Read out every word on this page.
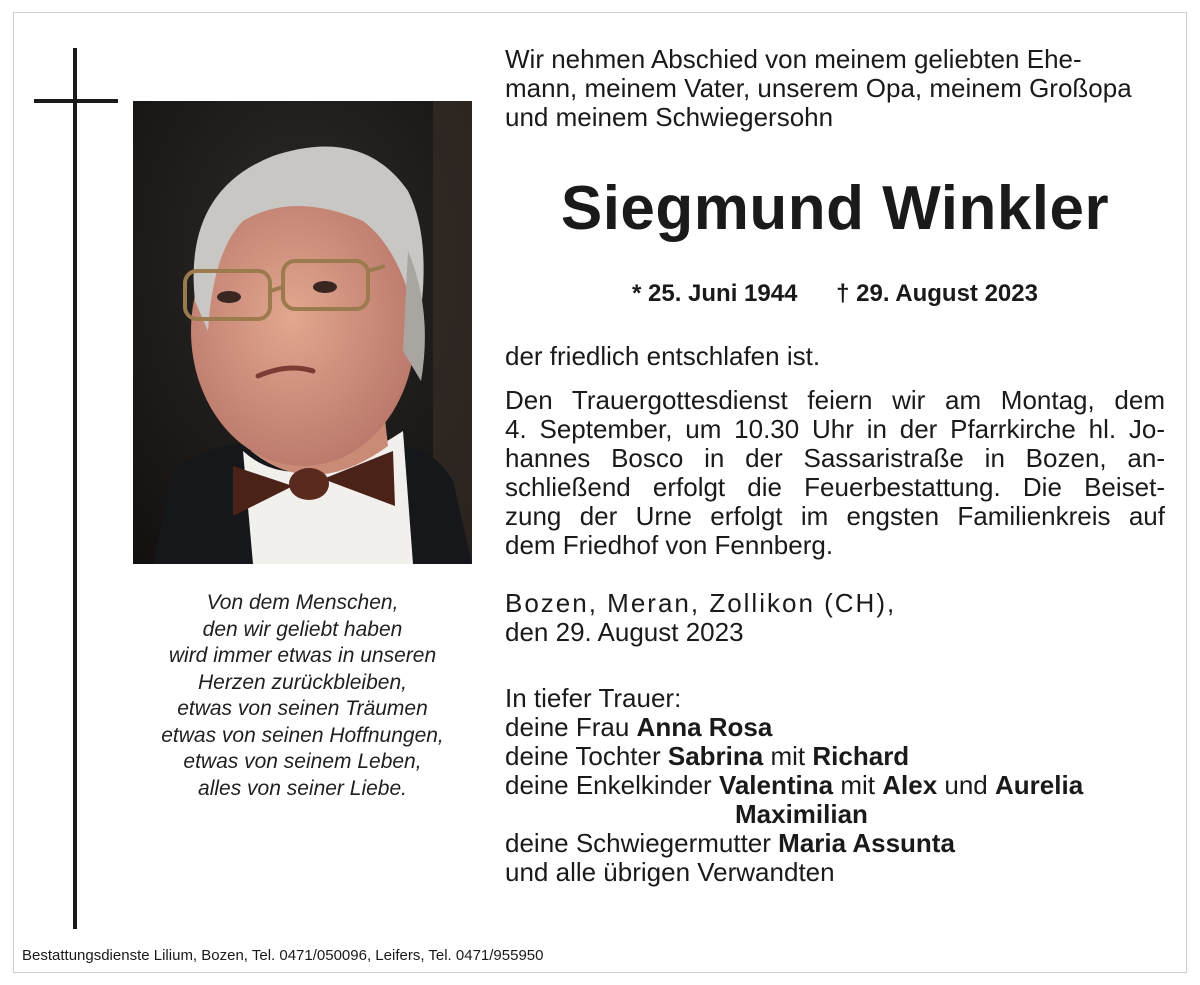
Von dem Menschen,
den wir geliebt haben
wird immer etwas in unseren
Herzen zurückbleiben,
etwas von seinen Träumen
etwas von seinen Hoffnungen,
etwas von seinem Leben,
alles von seiner Liebe.
Wir nehmen Abschied von meinem geliebten Ehe-
mann, meinem Vater, unserem Opa, meinem Großopa
und meinem Schwiegersohn
Siegmund Winkler
* 25. Juni 1944 † 29. August 2023
der friedlich entschlafen ist.
Den Trauergottesdienst feiern wir am Montag, dem
4. September, um 10.30 Uhr in der Pfarrkirche hl. Jo-
hannes Bosco in der Sassaristraße in Bozen, an-
schließend erfolgt die Feuerbestattung. Die Beiset-
zung der Urne erfolgt im engsten Familienkreis auf
dem Friedhof von Fennberg.
Bozen, Meran, Zollikon (CH),
den 29. August 2023
In tiefer Trauer:
deine Frau Anna Rosa
deine Tochter Sabrina mit Richard
deine Enkelkinder Valentina mit Alex und Aurelia
Maximilian
deine Schwiegermutter Maria Assunta
und alle übrigen Verwandten
Bestattungsdienste Lilium, Bozen, Tel. 0471/050096, Leifers, Tel. 0471/955950
